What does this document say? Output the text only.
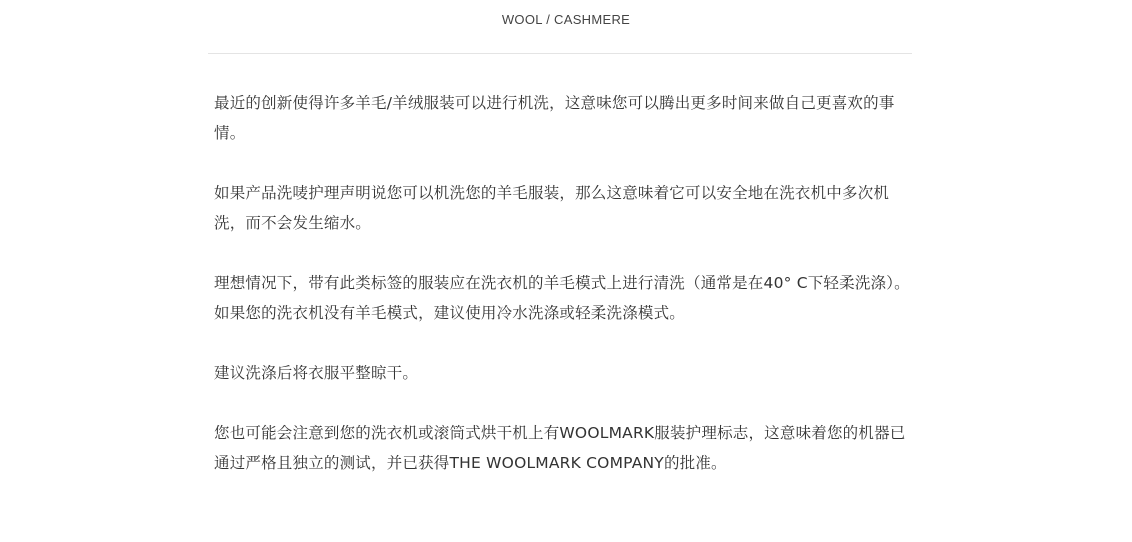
WOOL / CASHMERE

最近的创新使得许多羊毛/羊绒服装可以进行机洗，这意味您可以腾出更多时间来做自己更喜欢的事情。

如果产品洗唛护理声明说您可以机洗您的羊毛服装，那么这意味着它可以安全地在洗衣机中多次机洗，而不会发生缩水。

理想情况下，带有此类标签的服装应在洗衣机的羊毛模式上进行清洗（通常是在40° C下轻柔洗涤）。如果您的洗衣机没有羊毛模式，建议使用冷水洗涤或轻柔洗涤模式。

建议洗涤后将衣服平整晾干。

您也可能会注意到您的洗衣机或滚筒式烘干机上有WOOLMARK服装护理标志，这意味着您的机器已通过严格且独立的测试，并已获得THE WOOLMARK COMPANY的批准。
